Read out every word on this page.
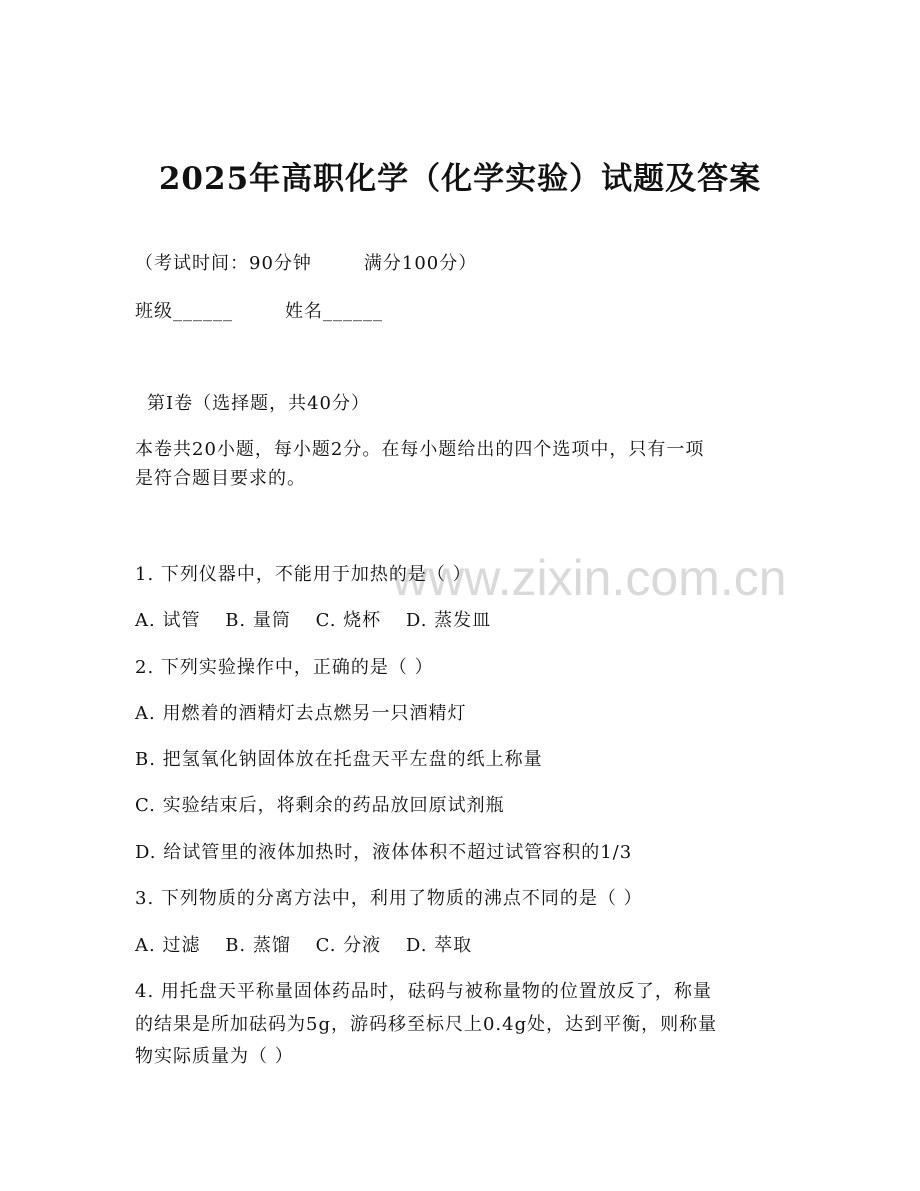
www.zixin.com.cn
2025年高职化学（化学实验）试题及答案
（考试时间：90分钟	满分100分）
班级______	姓名______
第Ⅰ卷（选择题，共40分）
本卷共20小题，每小题2分。在每小题给出的四个选项中，只有一项
是符合题目要求的。
1. 下列仪器中，不能用于加热的是（ ）
A. 试管 B. 量筒 C. 烧杯 D. 蒸发皿
2. 下列实验操作中，正确的是（ ）
A. 用燃着的酒精灯去点燃另一只酒精灯
B. 把氢氧化钠固体放在托盘天平左盘的纸上称量
C. 实验结束后，将剩余的药品放回原试剂瓶
D. 给试管里的液体加热时，液体体积不超过试管容积的1/3
3. 下列物质的分离方法中，利用了物质的沸点不同的是（ ）
A. 过滤 B. 蒸馏 C. 分液 D. 萃取
4. 用托盘天平称量固体药品时，砝码与被称量物的位置放反了，称量
的结果是所加砝码为5g，游码移至标尺上0.4g处，达到平衡，则称量
物实际质量为（ ）
